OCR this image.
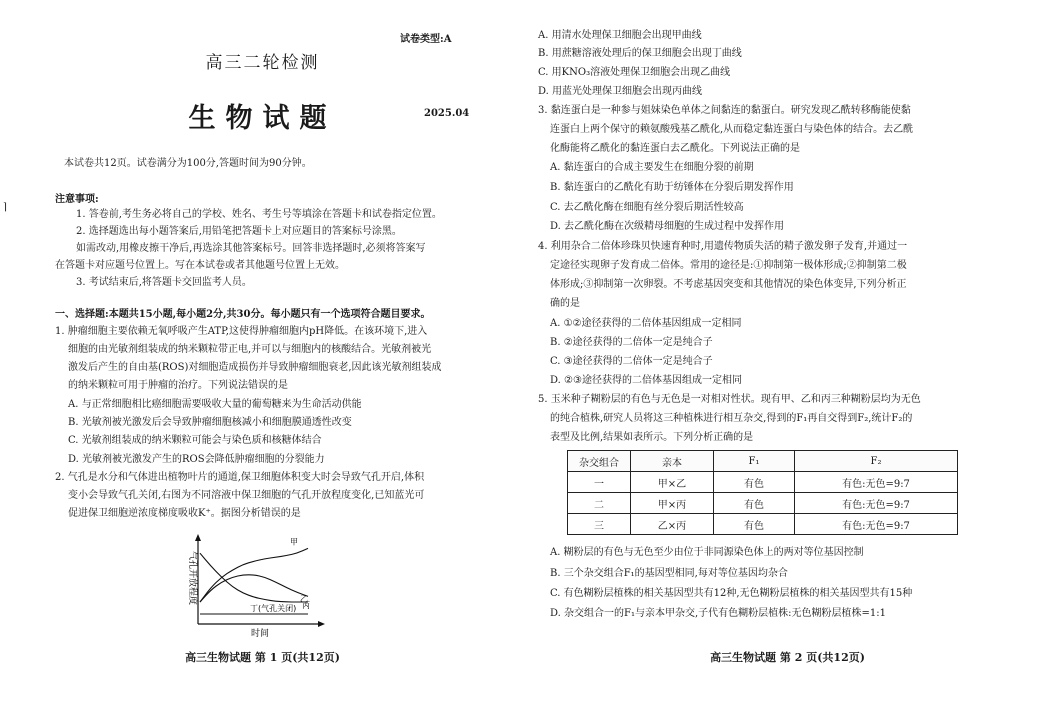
试卷类型:A
高三二轮检测
生物试题	2025.04
本试卷共12页。试卷满分为100分,答题时间为90分钟。
注意事项:
1. 答卷前,考生务必将自己的学校、姓名、考生号等填涂在答题卡和试卷指定位置。
2. 选择题选出每小题答案后,用铅笔把答题卡上对应题目的答案标号涂黑。
如需改动,用橡皮擦干净后,再选涂其他答案标号。回答非选择题时,必须将答案写
在答题卡对应题号位置上。写在本试卷或者其他题号位置上无效。
3. 考试结束后,将答题卡交回监考人员。
一、选择题:本题共15小题,每小题2分,共30分。每小题只有一个选项符合题目要求。
1. 肿瘤细胞主要依赖无氧呼吸产生ATP,这使得肿瘤细胞内pH降低。在该环境下,进入
细胞的由光敏剂组装成的纳米颗粒带正电,并可以与细胞内的核酸结合。光敏剂被光
激发后产生的自由基(ROS)对细胞造成损伤并导致肿瘤细胞衰老,因此该光敏剂组装成
的纳米颗粒可用于肿瘤的治疗。下列说法错误的是
A. 与正常细胞相比癌细胞需要吸收大量的葡萄糖来为生命活动供能
B. 光敏剂被光激发后会导致肿瘤细胞核减小和细胞膜通透性改变
C. 光敏剂组装成的纳米颗粒可能会与染色质和核糖体结合
D. 光敏剂被光激发产生的ROS会降低肿瘤细胞的分裂能力
2. 气孔是水分和气体进出植物叶片的通道,保卫细胞体积变大时会导致气孔开启,体积
变小会导致气孔关闭,右图为不同溶液中保卫细胞的气孔开放程度变化,已知蓝光可
促进保卫细胞逆浓度梯度吸收K⁺。据图分析错误的是
气孔开放程度
时间
甲
乙
丙
丁(气孔关闭)
高三生物试题 第 1 页(共12页)
A. 用清水处理保卫细胞会出现甲曲线
B. 用蔗糖溶液处理后的保卫细胞会出现丁曲线
C. 用KNO₃溶液处理保卫细胞会出现乙曲线
D. 用蓝光处理保卫细胞会出现丙曲线
3. 黏连蛋白是一种参与姐妹染色单体之间黏连的黏蛋白。研究发现乙酰转移酶能使黏
连蛋白上两个保守的赖氨酸残基乙酰化,从而稳定黏连蛋白与染色体的结合。去乙酰
化酶能将乙酰化的黏连蛋白去乙酰化。下列说法正确的是
A. 黏连蛋白的合成主要发生在细胞分裂的前期
B. 黏连蛋白的乙酰化有助于纺锤体在分裂后期发挥作用
C. 去乙酰化酶在细胞有丝分裂后期活性较高
D. 去乙酰化酶在次级精母细胞的生成过程中发挥作用
4. 利用杂合二倍体珍珠贝快速育种时,用遗传物质失活的精子激发卵子发育,并通过一
定途径实现卵子发育成二倍体。常用的途径是:①抑制第一极体形成;②抑制第二极
体形成;③抑制第一次卵裂。不考虑基因突变和其他情况的染色体变异,下列分析正
确的是
A. ①②途径获得的二倍体基因组成一定相同
B. ②途径获得的二倍体一定是纯合子
C. ③途径获得的二倍体一定是纯合子
D. ②③途径获得的二倍体基因组成一定相同
5. 玉米种子糊粉层的有色与无色是一对相对性状。现有甲、乙和丙三种糊粉层均为无色
的纯合植株,研究人员将这三种植株进行相互杂交,得到的F₁再自交得到F₂,统计F₂的
表型及比例,结果如表所示。下列分析正确的是
杂交组合	亲本	F₁	F₂
一	甲×乙	有色	有色:无色=9:7
二	甲×丙	有色	有色:无色=9:7
三	乙×丙	有色	有色:无色=9:7
A. 糊粉层的有色与无色至少由位于非同源染色体上的两对等位基因控制
B. 三个杂交组合F₁的基因型相同,每对等位基因均杂合
C. 有色糊粉层植株的相关基因型共有12种,无色糊粉层植株的相关基因型共有15种
D. 杂交组合一的F₁与亲本甲杂交,子代有色糊粉层植株:无色糊粉层植株=1:1
高三生物试题 第 2 页(共12页)
⌉
